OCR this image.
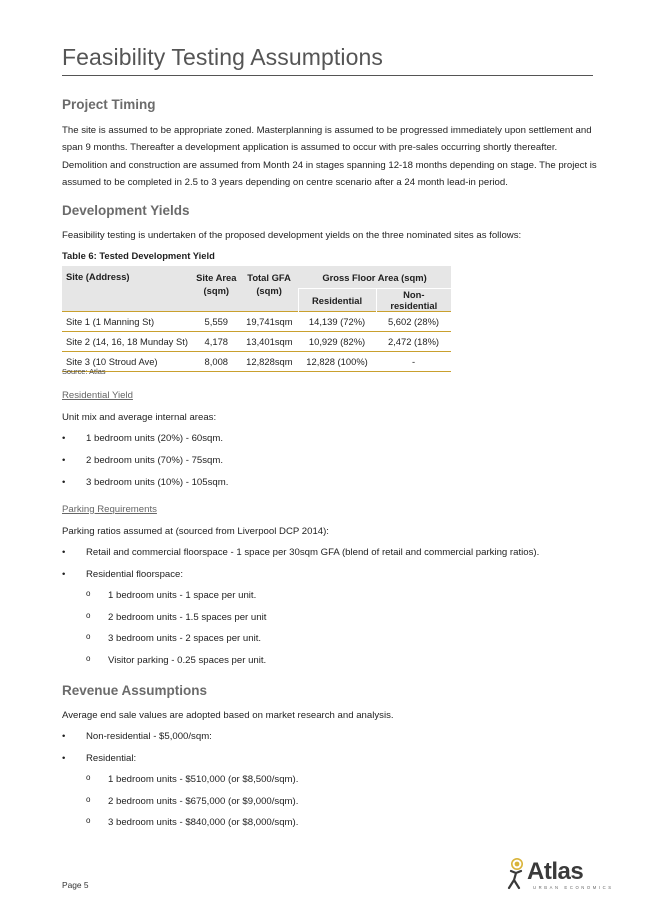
Feasibility Testing Assumptions
Project Timing

The site is assumed to be appropriate zoned. Masterplanning is assumed to be progressed immediately upon settlement and span 9 months. Thereafter a development application is assumed to occur with pre-sales occurring shortly thereafter.

Demolition and construction are assumed from Month 24 in stages spanning 12-18 months depending on stage. The project is assumed to be completed in 2.5 to 3 years depending on centre scenario after a 24 month lead-in period.

Development Yields

Feasibility testing is undertaken of the proposed development yields on the three nominated sites as follows:

Table 6: Tested Development Yield

Site (Address)	Site Area (sqm)	Total GFA (sqm)	Gross Floor Area (sqm)	
			Residential	Non-residential
Site 1 (1 Manning St)	5,559	19,741sqm	14,139 (72%)	5,602 (28%)
Site 2 (14, 16, 18 Munday St)	4,178	13,401sqm	10,929 (82%)	2,472 (18%)
Site 3 (10 Stroud Ave)	8,008	12,828sqm	12,828 (100%)	-

Source: Atlas

Residential Yield

Unit mix and average internal areas:

•	1 bedroom units (20%) - 60sqm.
•	2 bedroom units (70%) - 75sqm.
•	3 bedroom units (10%) - 105sqm.

Parking Requirements

Parking ratios assumed at (sourced from Liverpool DCP 2014):

•	Retail and commercial floorspace - 1 space per 30sqm GFA (blend of retail and commercial parking ratios).
•	Residential floorspace:
o	1 bedroom units - 1 space per unit.
o	2 bedroom units - 1.5 spaces per unit
o	3 bedroom units - 2 spaces per unit.
o	Visitor parking - 0.25 spaces per unit.
Revenue Assumptions

Average end sale values are adopted based on market research and analysis.

•	Non-residential - $5,000/sqm:
•	Residential:
o	1 bedroom units - $510,000 (or $8,500/sqm).
o	2 bedroom units - $675,000 (or $9,000/sqm).
o	3 bedroom units - $840,000 (or $8,000/sqm).
Page 5	Atlas
URBAN ECONOMICS
